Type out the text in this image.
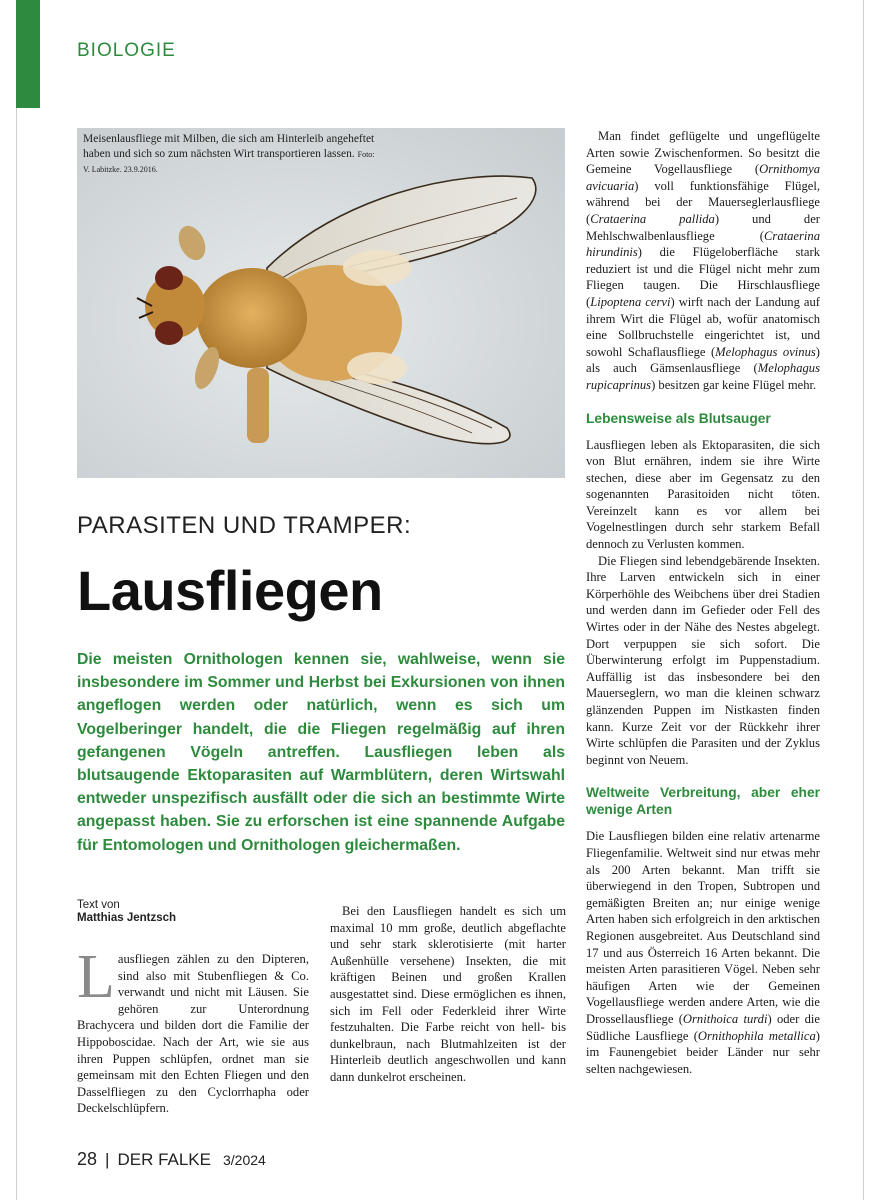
BIOLOGIE
Meisenlausfliege mit Milben, die sich am Hinterleib angeheftet haben und sich so zum nächsten Wirt transportieren lassen. Foto: V. Labitzke. 23.9.2016.
PARASITEN UND TRAMPER:
Lausfliegen
Die meisten Ornithologen kennen sie, wahlweise, wenn sie insbesondere im Sommer und Herbst bei Exkursionen von ihnen angeflogen werden oder natürlich, wenn es sich um Vogelberinger handelt, die die Fliegen regelmäßig auf ihren gefangenen Vögeln antreffen. Lausfliegen leben als blutsaugende Ektoparasiten auf Warmblütern, deren Wirtswahl entweder unspezifisch ausfällt oder die sich an bestimmte Wirte angepasst haben. Sie zu erforschen ist eine spannende Aufgabe für Entomologen und Ornithologen gleichermaßen.
Text von
Matthias Jentzsch

Lausfliegen zählen zu den Dipteren, sind also mit Stubenfliegen & Co. verwandt und nicht mit Läusen. Sie gehören zur Unterordnung Brachycera und bilden dort die Familie der Hippoboscidae. Nach der Art, wie sie aus ihren Puppen schlüpfen, ordnet man sie gemeinsam mit den Echten Fliegen und den Dasselfliegen zu den Cyclorrhapha oder Deckelschlüpfern.

Bei den Lausfliegen handelt es sich um maximal 10 mm große, deutlich abgeflachte und sehr stark sklerotisierte (mit harter Außenhülle versehene) Insekten, die mit kräftigen Beinen und großen Krallen ausgestattet sind. Diese ermöglichen es ihnen, sich im Fell oder Federkleid ihrer Wirte festzuhalten. Die Farbe reicht von hell- bis dunkelbraun, nach Blutmahlzeiten ist der Hinterleib deutlich angeschwollen und kann dann dunkelrot erscheinen.

Man findet geflügelte und ungeflügelte Arten sowie Zwischenformen. So besitzt die Gemeine Vogellausfliege (Ornithomya avicuaria) voll funktionsfähige Flügel, während bei der Mauerseglerlausfliege (Crataerina pallida) und der Mehlschwalbenlausfliege (Crataerina hirundinis) die Flügeloberfläche stark reduziert ist und die Flügel nicht mehr zum Fliegen taugen. Die Hirschlausfliege (Lipoptena cervi) wirft nach der Landung auf ihrem Wirt die Flügel ab, wofür anatomisch eine Sollbruchstelle eingerichtet ist, und sowohl Schaflausfliege (Melophagus ovinus) als auch Gämsenlausfliege (Melophagus rupicaprinus) besitzen gar keine Flügel mehr.

Lebensweise als Blutsauger

Lausfliegen leben als Ektoparasiten, die sich von Blut ernähren, indem sie ihre Wirte stechen, diese aber im Gegensatz zu den sogenannten Parasitoiden nicht töten. Vereinzelt kann es vor allem bei Vogelnestlingen durch sehr starkem Befall dennoch zu Verlusten kommen.

Die Fliegen sind lebendgebärende Insekten. Ihre Larven entwickeln sich in einer Körperhöhle des Weibchens über drei Stadien und werden dann im Gefieder oder Fell des Wirtes oder in der Nähe des Nestes abgelegt. Dort verpuppen sie sich sofort. Die Überwinterung erfolgt im Puppenstadium. Auffällig ist das insbesondere bei den Mauerseglern, wo man die kleinen schwarz glänzenden Puppen im Nistkasten finden kann. Kurze Zeit vor der Rückkehr ihrer Wirte schlüpfen die Parasiten und der Zyklus beginnt von Neuem.

Weltweite Verbreitung, aber eher wenige Arten

Die Lausfliegen bilden eine relativ artenarme Fliegenfamilie. Weltweit sind nur etwas mehr als 200 Arten bekannt. Man trifft sie überwiegend in den Tropen, Subtropen und gemäßigten Breiten an; nur einige wenige Arten haben sich erfolgreich in den arktischen Regionen ausgebreitet. Aus Deutschland sind 17 und aus Österreich 16 Arten bekannt. Die meisten Arten parasitieren Vögel. Neben sehr häufigen Arten wie der Gemeinen Vogellausfliege werden andere Arten, wie die Drossellausfliege (Ornithoica turdi) oder die Südliche Lausfliege (Ornithophila metallica) im Faunengebiet beider Länder nur sehr selten nachgewiesen.

28 | DER FALKE 3/2024
